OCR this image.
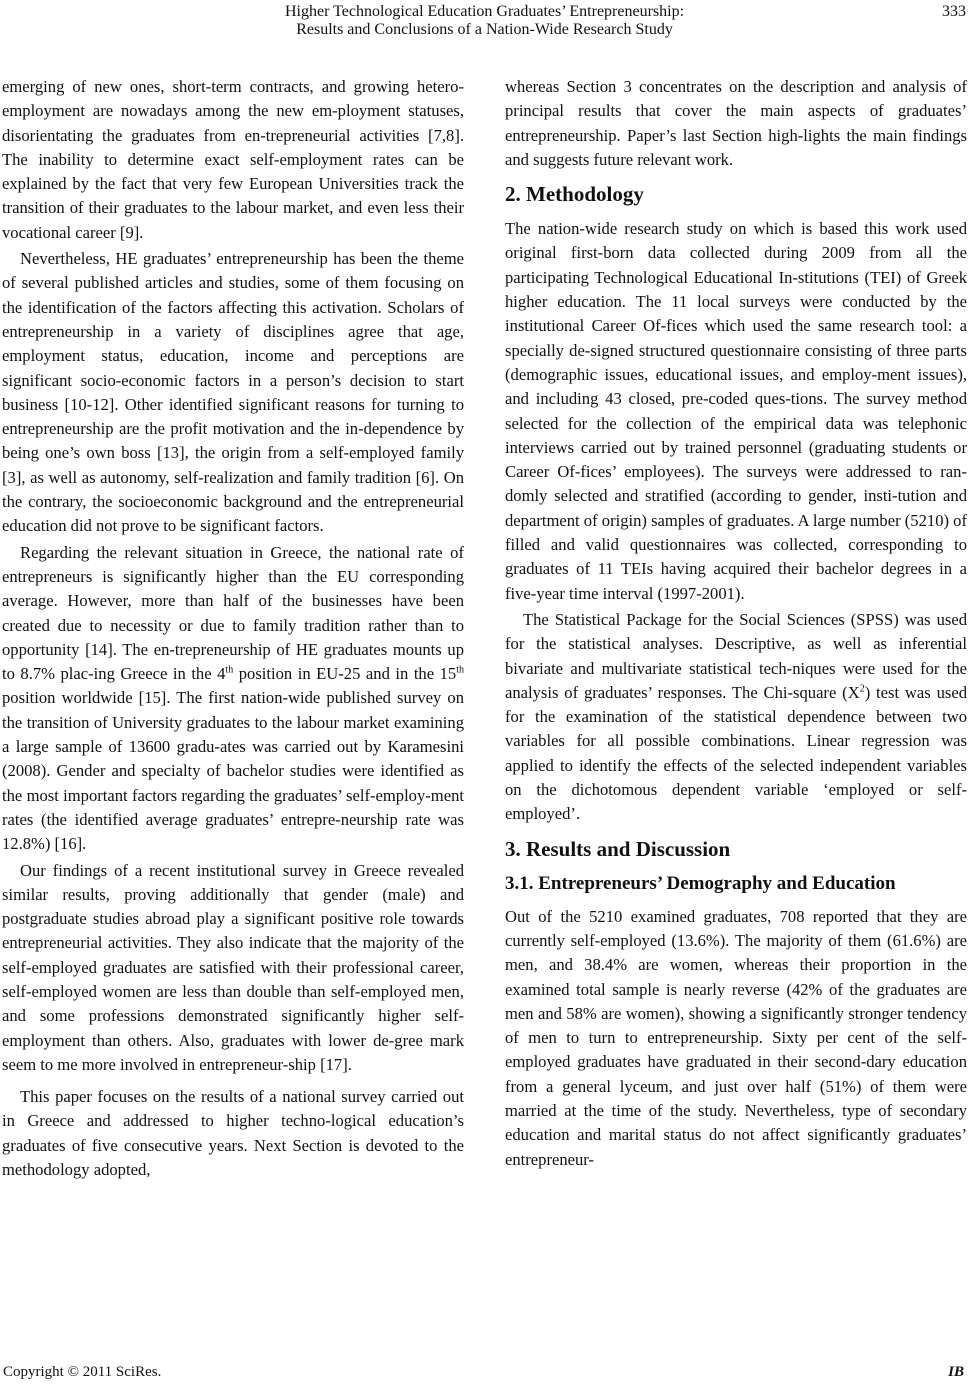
Higher Technological Education Graduates’ Entrepreneurship:
Results and Conclusions of a Nation-Wide Research Study
333

emerging of new ones, short-term contracts, and growing hetero-employment are nowadays among the new em-ployment statuses, disorientating the graduates from en-trepreneurial activities [7,8]. The inability to determine exact self-employment rates can be explained by the fact that very few European Universities track the transition of their graduates to the labour market, and even less their vocational career [9].

Nevertheless, HE graduates’ entrepreneurship has been the theme of several published articles and studies, some of them focusing on the identification of the factors affecting this activation. Scholars of entrepreneurship in a variety of disciplines agree that age, employment status, education, income and perceptions are significant socio-economic factors in a person’s decision to start business [10-12]. Other identified significant reasons for turning to entrepreneurship are the profit motivation and the in-dependence by being one’s own boss [13], the origin from a self-employed family [3], as well as autonomy, self-realization and family tradition [6]. On the contrary, the socioeconomic background and the entrepreneurial education did not prove to be significant factors.

Regarding the relevant situation in Greece, the national rate of entrepreneurs is significantly higher than the EU corresponding average. However, more than half of the businesses have been created due to necessity or due to family tradition rather than to opportunity [14]. The en-trepreneurship of HE graduates mounts up to 8.7% plac-ing Greece in the 4th position in EU-25 and in the 15th position worldwide [15]. The first nation-wide published survey on the transition of University graduates to the labour market examining a large sample of 13600 gradu-ates was carried out by Karamesini (2008). Gender and specialty of bachelor studies were identified as the most important factors regarding the graduates’ self-employ-ment rates (the identified average graduates’ entrepre-neurship rate was 12.8%) [16].

Our findings of a recent institutional survey in Greece revealed similar results, proving additionally that gender (male) and postgraduate studies abroad play a significant positive role towards entrepreneurial activities. They also indicate that the majority of the self-employed graduates are satisfied with their professional career, self-employed women are less than double than self-employed men, and some professions demonstrated significantly higher self-employment than others. Also, graduates with lower de-gree mark seem to me more involved in entrepreneur-ship [17].

This paper focuses on the results of a national survey carried out in Greece and addressed to higher techno-logical education’s graduates of five consecutive years. Next Section is devoted to the methodology adopted,

whereas Section 3 concentrates on the description and analysis of principal results that cover the main aspects of graduates’ entrepreneurship. Paper’s last Section high-lights the main findings and suggests future relevant work.

2. Methodology

The nation-wide research study on which is based this work used original first-born data collected during 2009 from all the participating Technological Educational In-stitutions (TEI) of Greek higher education. The 11 local surveys were conducted by the institutional Career Of-fices which used the same research tool: a specially de-signed structured questionnaire consisting of three parts (demographic issues, educational issues, and employ-ment issues), and including 43 closed, pre-coded ques-tions. The survey method selected for the collection of the empirical data was telephonic interviews carried out by trained personnel (graduating students or Career Of-fices’ employees). The surveys were addressed to ran-domly selected and stratified (according to gender, insti-tution and department of origin) samples of graduates. A large number (5210) of filled and valid questionnaires was collected, corresponding to graduates of 11 TEIs having acquired their bachelor degrees in a five-year time interval (1997-2001).

The Statistical Package for the Social Sciences (SPSS) was used for the statistical analyses. Descriptive, as well as inferential bivariate and multivariate statistical tech-niques were used for the analysis of graduates’ responses. The Chi-square $(X^2)$ test was used for the examination of the statistical dependence between two variables for all possible combinations. Linear regression was applied to identify the effects of the selected independent variables on the dichotomous dependent variable ‘employed or self-employed’.

3. Results and Discussion
3.1. Entrepreneurs’ Demography and Education

Out of the 5210 examined graduates, 708 reported that they are currently self-employed (13.6%). The majority of them (61.6%) are men, and 38.4% are women, whereas their proportion in the examined total sample is nearly reverse (42% of the graduates are men and 58% are women), showing a significantly stronger tendency of men to turn to entrepreneurship. Sixty per cent of the self-employed graduates have graduated in their second-dary education from a general lyceum, and just over half (51%) of them were married at the time of the study. Nevertheless, type of secondary education and marital status do not affect significantly graduates’ entrepreneur-

Copyright © 2011 SciRes.	IB
